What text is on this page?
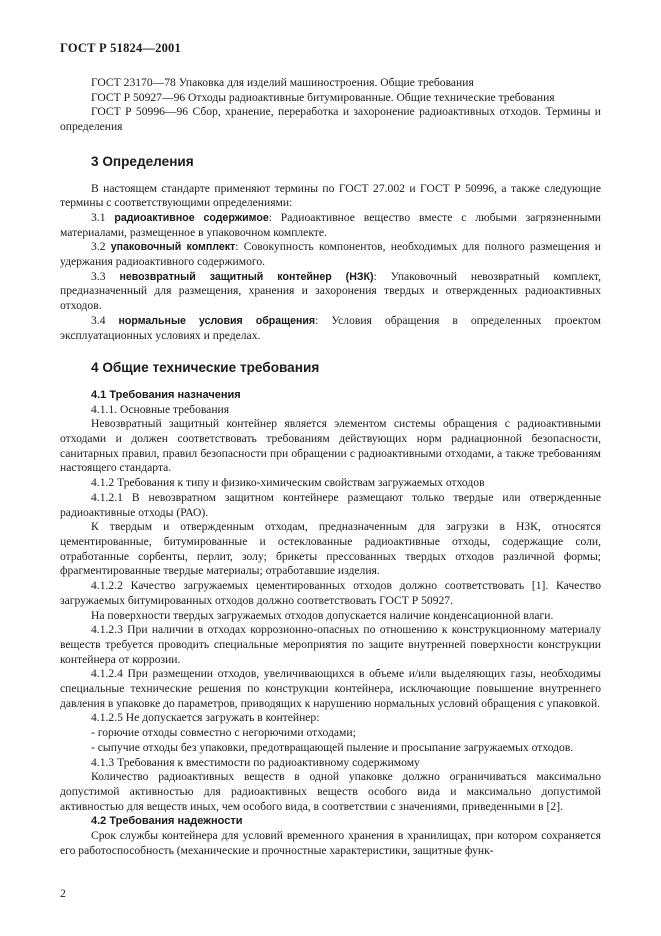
ГОСТ Р 51824—2001

ГОСТ 23170—78 Упаковка для изделий машиностроения. Общие требования

ГОСТ Р 50927—96 Отходы радиоактивные битумированные. Общие технические требования

ГОСТ Р 50996—96 Сбор, хранение, переработка и захоронение радиоактивных отходов. Термины и определения

3 Определения

В настоящем стандарте применяют термины по ГОСТ 27.002 и ГОСТ Р 50996, а также следующие термины с соответствующими определениями:

3.1 радиоактивное содержимое: Радиоактивное вещество вместе с любыми загрязненными материалами, размещенное в упаковочном комплекте.

3.2 упаковочный комплект: Совокупность компонентов, необходимых для полного размещения и удержания радиоактивного содержимого.

3.3 невозвратный защитный контейнер (НЗК): Упаковочный невозвратный комплект, предназначенный для размещения, хранения и захоронения твердых и отвержденных радиоактивных отходов.

3.4 нормальные условия обращения: Условия обращения в определенных проектом эксплуатационных условиях и пределах.

4 Общие технические требования
4.1 Требования назначения

4.1.1. Основные требования

Невозвратный защитный контейнер является элементом системы обращения с радиоактивными отходами и должен соответствовать требованиям действующих норм радиационной безопасности, санитарных правил, правил безопасности при обращении с радиоактивными отходами, а также требованиям настоящего стандарта.

4.1.2 Требования к типу и физико-химическим свойствам загружаемых отходов

4.1.2.1 В невозвратном защитном контейнере размещают только твердые или отвержденные радиоактивные отходы (РАО).

К твердым и отвержденным отходам, предназначенным для загрузки в НЗК, относятся цементированные, битумированные и остеклованные радиоактивные отходы, содержащие соли, отработанные сорбенты, перлит, золу; брикеты прессованных твердых отходов различной формы; фрагментированные твердые материалы; отработавшие изделия.

4.1.2.2 Качество загружаемых цементированных отходов должно соответствовать [1]. Качество загружаемых битумированных отходов должно соответствовать ГОСТ Р 50927.

На поверхности твердых загружаемых отходов допускается наличие конденсационной влаги.

4.1.2.3 При наличии в отходах коррозионно-опасных по отношению к конструкционному материалу веществ требуется проводить специальные мероприятия по защите внутренней поверхности конструкции контейнера от коррозии.

4.1.2.4 При размещении отходов, увеличивающихся в объеме и/или выделяющих газы, необходимы специальные технические решения по конструкции контейнера, исключающие повышение внутреннего давления в упаковке до параметров, приводящих к нарушению нормальных условий обращения с упаковкой.

4.1.2.5 Не допускается загружать в контейнер:

- горючие отходы совместно с негорючими отходами;

- сыпучие отходы без упаковки, предотвращающей пыление и просыпание загружаемых отходов.

4.1.3 Требования к вместимости по радиоактивному содержимому

Количество радиоактивных веществ в одной упаковке должно ограничиваться максимально допустимой активностью для радиоактивных веществ особого вида и максимально допустимой активностью для веществ иных, чем особого вида, в соответствии с значениями, приведенными в [2].

4.2 Требования надежности

Срок службы контейнера для условий временного хранения в хранилищах, при котором сохраняется его работоспособность (механические и прочностные характеристики, защитные функ-

2
